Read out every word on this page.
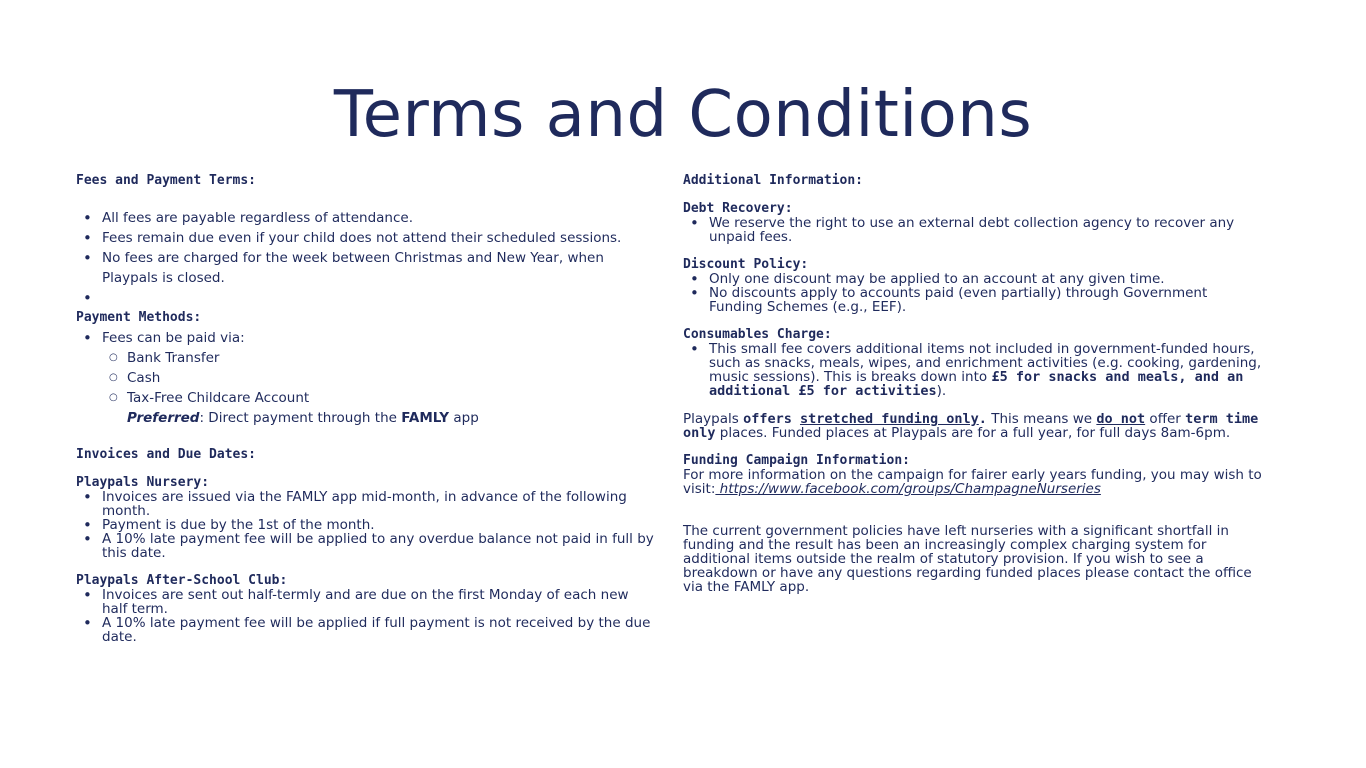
Terms and Conditions

Fees and Payment Terms:

• All fees are payable regardless of attendance.
• Fees remain due even if your child does not attend their scheduled sessions.
• No fees are charged for the week between Christmas and New Year, when Playpals is closed.
•

Payment Methods:

• Fees can be paid via:
○ Bank Transfer
○ Cash
○ Tax-Free Childcare Account
Preferred: Direct payment through the FAMLY app

Invoices and Due Dates:

Playpals Nursery:

• Invoices are issued via the FAMLY app mid-month, in advance of the following month.
• Payment is due by the 1st of the month.
• A 10% late payment fee will be applied to any overdue balance not paid in full by this date.

Playpals After-School Club:

• Invoices are sent out half-termly and are due on the first Monday of each new half term.
• A 10% late payment fee will be applied if full payment is not received by the due date.

Additional Information:

Debt Recovery:

• We reserve the right to use an external debt collection agency to recover any unpaid fees.

Discount Policy:

• Only one discount may be applied to an account at any given time.
• No discounts apply to accounts paid (even partially) through Government Funding Schemes (e.g., EEF).

Consumables Charge:

• This small fee covers additional items not included in government-funded hours, such as snacks, meals, wipes, and enrichment activities (e.g. cooking, gardening, music sessions). This is breaks down into £5 for snacks and meals, and an additional £5 for activities).

Playpals offers stretched funding only. This means we do not offer term time only places. Funded places at Playpals are for a full year, for full days 8am-6pm.

Funding Campaign Information:

For more information on the campaign for fairer early years funding, you may wish to visit: https://www.facebook.com/groups/ChampagneNurseries

The current government policies have left nurseries with a significant shortfall in funding and the result has been an increasingly complex charging system for additional items outside the realm of statutory provision. If you wish to see a breakdown or have any questions regarding funded places please contact the office via the FAMLY app.
